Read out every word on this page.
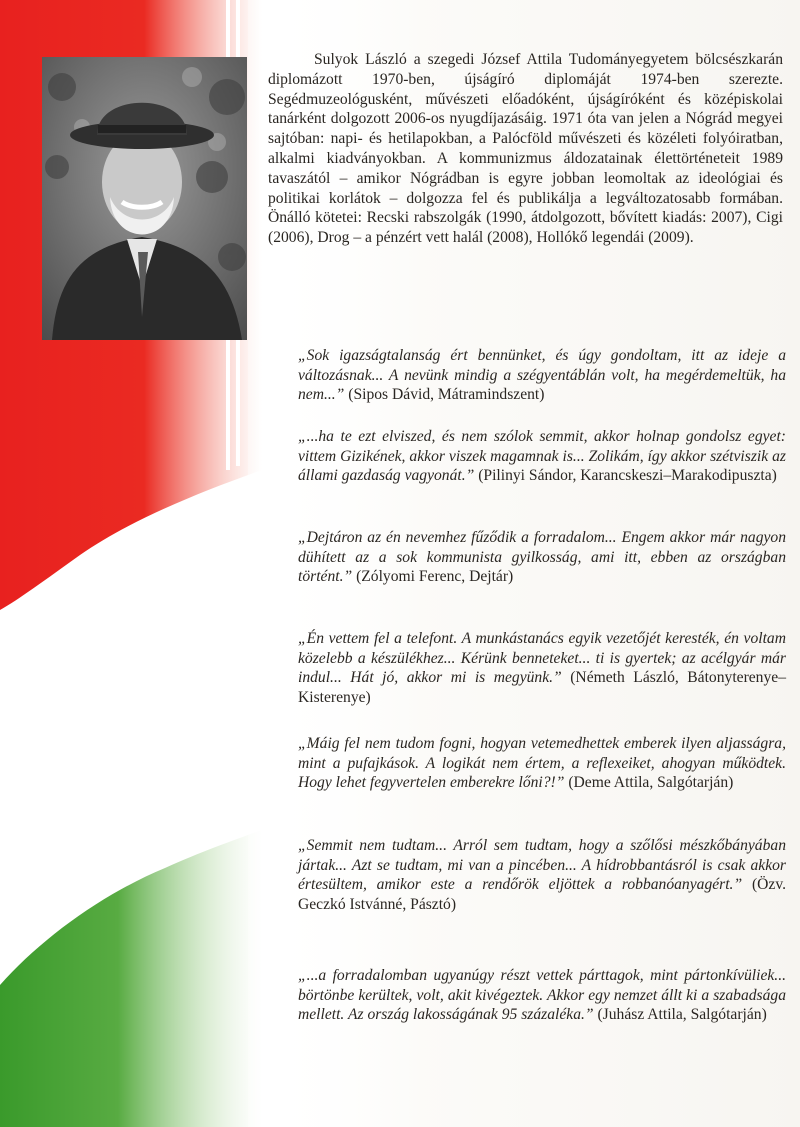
Sulyok László a szegedi József Attila Tudományegyetem bölcsészkarán diplomázott 1970-ben, újságíró diplomáját 1974-ben szerezte. Segédmuzeológusként, művészeti előadóként, újságíróként és középiskolai tanárként dolgozott 2006-os nyugdíjazásáig. 1971 óta van jelen a Nógrád megyei sajtóban: napi- és hetilapokban, a Palócföld művészeti és közéleti folyóiratban, alkalmi kiadványokban. A kommunizmus áldozatainak élettörténeteit 1989 tavaszától – amikor Nógrádban is egyre jobban leomoltak az ideológiai és politikai korlátok – dolgozza fel és publikálja a legváltozatosabb formában. Önálló kötetei: Recski rabszolgák (1990, átdolgozott, bővített kiadás: 2007), Cigi (2006), Drog – a pénzért vett halál (2008), Hollókő legendái (2009).

„Sok igazságtalanság ért bennünket, és úgy gondoltam, itt az ideje a változásnak... A nevünk mindig a szégyentáblán volt, ha megérdemeltük, ha nem...” (Sipos Dávid, Mátramindszent)

„...ha te ezt elviszed, és nem szólok semmit, akkor holnap gondolsz egyet: vittem Gizikének, akkor viszek magamnak is... Zolikám, így akkor szétviszik az állami gazdaság vagyonát.” (Pilinyi Sándor, Karancskeszi–Marakodipuszta)

„Dejtáron az én nevemhez fűződik a forradalom... Engem akkor már nagyon dühített az a sok kommunista gyilkosság, ami itt, ebben az országban történt.” (Zólyomi Ferenc, Dejtár)

„Én vettem fel a telefont. A munkástanács egyik vezetőjét keresték, én voltam közelebb a készülékhez... Kérünk benneteket... ti is gyertek; az acélgyár már indul... Hát jó, akkor mi is megyünk.” (Németh László, Bátonyterenye–Kisterenye)

„Máig fel nem tudom fogni, hogyan vetemedhettek emberek ilyen aljasságra, mint a pufajkások. A logikát nem értem, a reflexeiket, ahogyan működtek. Hogy lehet fegyvertelen emberekre lőni?!” (Deme Attila, Salgótarján)

„Semmit nem tudtam... Arról sem tudtam, hogy a szőlősi mészkőbányában jártak... Azt se tudtam, mi van a pincében... A hídrobbantásról is csak akkor értesültem, amikor este a rendőrök eljöttek a robbanóanyagért.” (Özv. Geczkó Istvánné, Pásztó)

„...a forradalomban ugyanúgy részt vettek párttagok, mint pártonkívüliek... börtönbe kerültek, volt, akit kivégeztek. Akkor egy nemzet állt ki a szabadsága mellett. Az ország lakosságának 95 százaléka.” (Juhász Attila, Salgótarján)
